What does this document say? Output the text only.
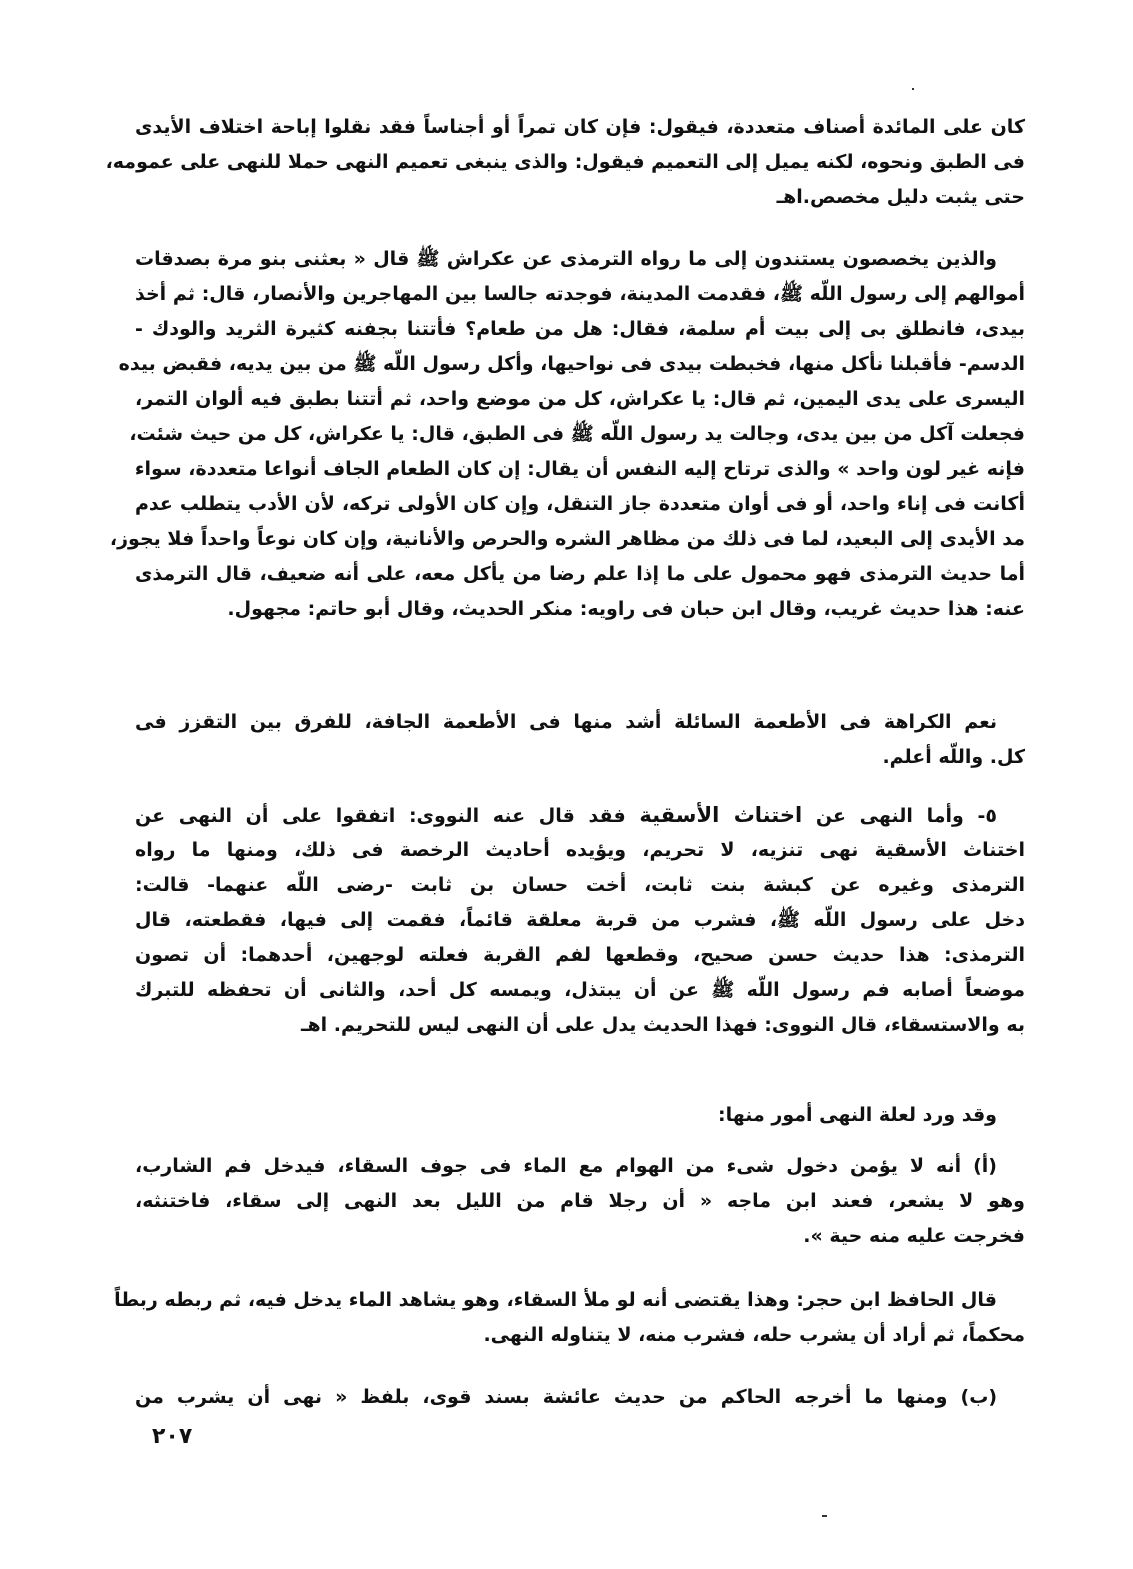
كان على المائدة أصناف متعددة، فيقول: فإن كان تمراً أو أجناساً فقد نقلوا إباحة اختلاف الأيدى
فى الطبق ونحوه، لكنه يميل إلى التعميم فيقول: والذى ينبغى تعميم النهى حملا للنهى على عمومه،
حتى يثبت دليل مخصص.اهـ
والذين يخصصون يستندون إلى ما رواه الترمذى عن عكراش ﷺ قال « بعثنى بنو مرة بصدقات
أموالهم إلى رسول اللّه ﷺ، فقدمت المدينة، فوجدته جالسا بين المهاجرين والأنصار، قال: ثم أخذ
بيدى، فانطلق بى إلى بيت أم سلمة، فقال: هل من طعام؟ فأتتنا بجفنه كثيرة الثريد والودك -
الدسم- فأقبلنا نأكل منها، فخبطت بيدى فى نواحيها، وأكل رسول اللّه ﷺ من بين يديه، فقبض بيده
اليسرى على يدى اليمين، ثم قال: يا عكراش، كل من موضع واحد، ثم أتتنا بطبق فيه ألوان التمر،
فجعلت آكل من بين يدى، وجالت يد رسول اللّه ﷺ فى الطبق، قال: يا عكراش، كل من حيث شئت،
فإنه غير لون واحد » والذى ترتاح إليه النفس أن يقال: إن كان الطعام الجاف أنواعا متعددة، سواء
أكانت فى إناء واحد، أو فى أوان متعددة جاز التنقل، وإن كان الأولى تركه، لأن الأدب يتطلب عدم
مد الأيدى إلى البعيد، لما فى ذلك من مظاهر الشره والحرص والأنانية، وإن كان نوعاً واحداً فلا يجوز،
أما حديث الترمذى فهو محمول على ما إذا علم رضا من يأكل معه، على أنه ضعيف، قال الترمذى
عنه: هذا حديث غريب، وقال ابن حبان فى راويه: منكر الحديث، وقال أبو حاتم: مجهول.
نعم الكراهة فى الأطعمة السائلة أشد منها فى الأطعمة الجافة، للفرق بين التقزز فى
كل. واللّه أعلم.
٥- وأما النهى عن اختناث الأسقية فقد قال عنه النووى: اتفقوا على أن النهى عن
اختناث الأسقية نهى تنزيه، لا تحريم، ويؤيده أحاديث الرخصة فى ذلك، ومنها ما رواه
الترمذى وغيره عن كبشة بنت ثابت، أخت حسان بن ثابت -رضى اللّه عنهما- قالت:
دخل على رسول اللّه ﷺ، فشرب من قربة معلقة قائماً، فقمت إلى فيها، فقطعته، قال
الترمذى: هذا حديث حسن صحيح، وقطعها لفم القربة فعلته لوجهين، أحدهما: أن تصون
موضعاً أصابه فم رسول اللّه ﷺ عن أن يبتذل، ويمسه كل أحد، والثانى أن تحفظه للتبرك
به والاستسقاء، قال النووى: فهذا الحديث يدل على أن النهى ليس للتحريم. اهـ
وقد ورد لعلة النهى أمور منها:
(أ) أنه لا يؤمن دخول شىء من الهوام مع الماء فى جوف السقاء، فيدخل فم الشارب،
وهو لا يشعر، فعند ابن ماجه « أن رجلا قام من الليل بعد النهى إلى سقاء، فاختنثه،
فخرجت عليه منه حية ».
قال الحافظ ابن حجر: وهذا يقتضى أنه لو ملأ السقاء، وهو يشاهد الماء يدخل فيه، ثم ربطه ربطاً
محكماً، ثم أراد أن يشرب حله، فشرب منه، لا يتناوله النهى.
(ب) ومنها ما أخرجه الحاكم من حديث عائشة بسند قوى، بلفظ « نهى أن يشرب من
٢٠٧
